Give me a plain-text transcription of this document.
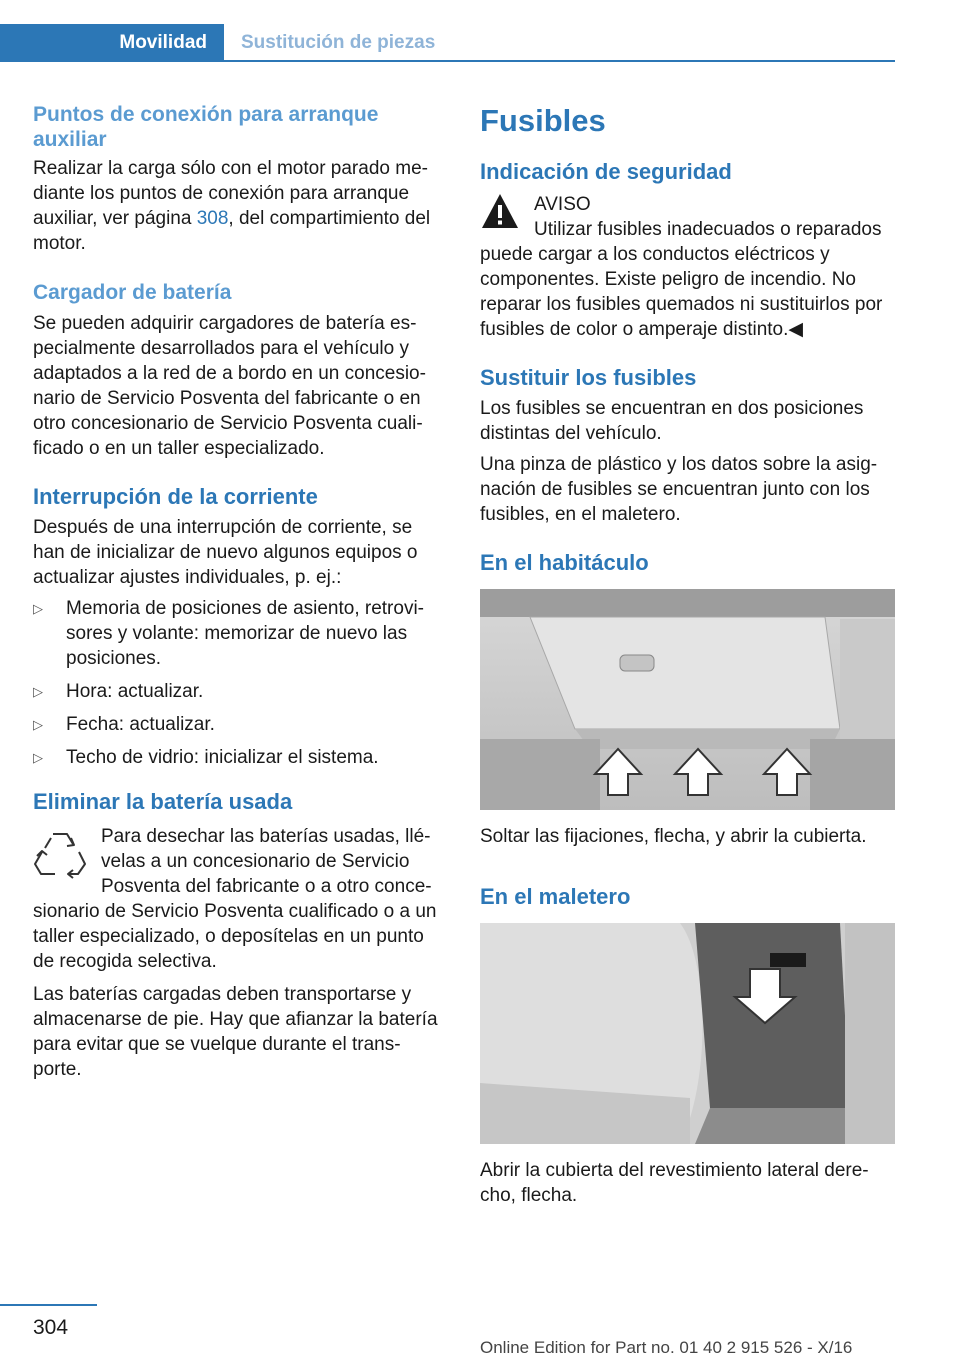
Movilidad	Sustitución de piezas
Puntos de conexión para arranque auxiliar

Realizar la carga sólo con el motor parado me‐diante los puntos de conexión para arranque auxiliar, ver página 308, del compartimiento del motor.

Cargador de batería

Se pueden adquirir cargadores de batería es‐pecialmente desarrollados para el vehículo y adaptados a la red de a bordo en un concesio‐nario de Servicio Posventa del fabricante o en otro concesionario de Servicio Posventa cuali‐ficado o en un taller especializado.

Interrupción de la corriente

Después de una interrupción de corriente, se han de inicializar de nuevo algunos equipos o actualizar ajustes individuales, p. ej.:

▷ Memoria de posiciones de asiento, retrovi‐sores y volante: memorizar de nuevo las posiciones.
▷ Hora: actualizar.
▷ Fecha: actualizar.
▷ Techo de vidrio: inicializar el sistema.
Eliminar la batería usada

Para desechar las baterías usadas, llé‐velas a un concesionario de Servicio Posventa del fabricante o a otro conce‐sionario de Servicio Posventa cualificado o a un taller especializado, o deposítelas en un punto de recogida selectiva.

Las baterías cargadas deben transportarse y almacenarse de pie. Hay que afianzar la batería para evitar que se vuelque durante el trans‐porte.

Fusibles
Indicación de seguridad

AVISO

Utilizar fusibles inadecuados o reparados puede cargar a los conductos eléctricos y componentes. Existe peligro de incendio. No reparar los fusibles quemados ni sustituirlos por fusibles de color o amperaje distinto.◀

Sustituir los fusibles

Los fusibles se encuentran en dos posiciones distintas del vehículo.

Una pinza de plástico y los datos sobre la asig‐nación de fusibles se encuentran junto con los fusibles, en el maletero.

En el habitáculo

Soltar las fijaciones, flecha, y abrir la cubierta.

En el maletero

Abrir la cubierta del revestimiento lateral dere‐cho, flecha.

304
Online Edition for Part no. 01 40 2 915 526 - X/16
